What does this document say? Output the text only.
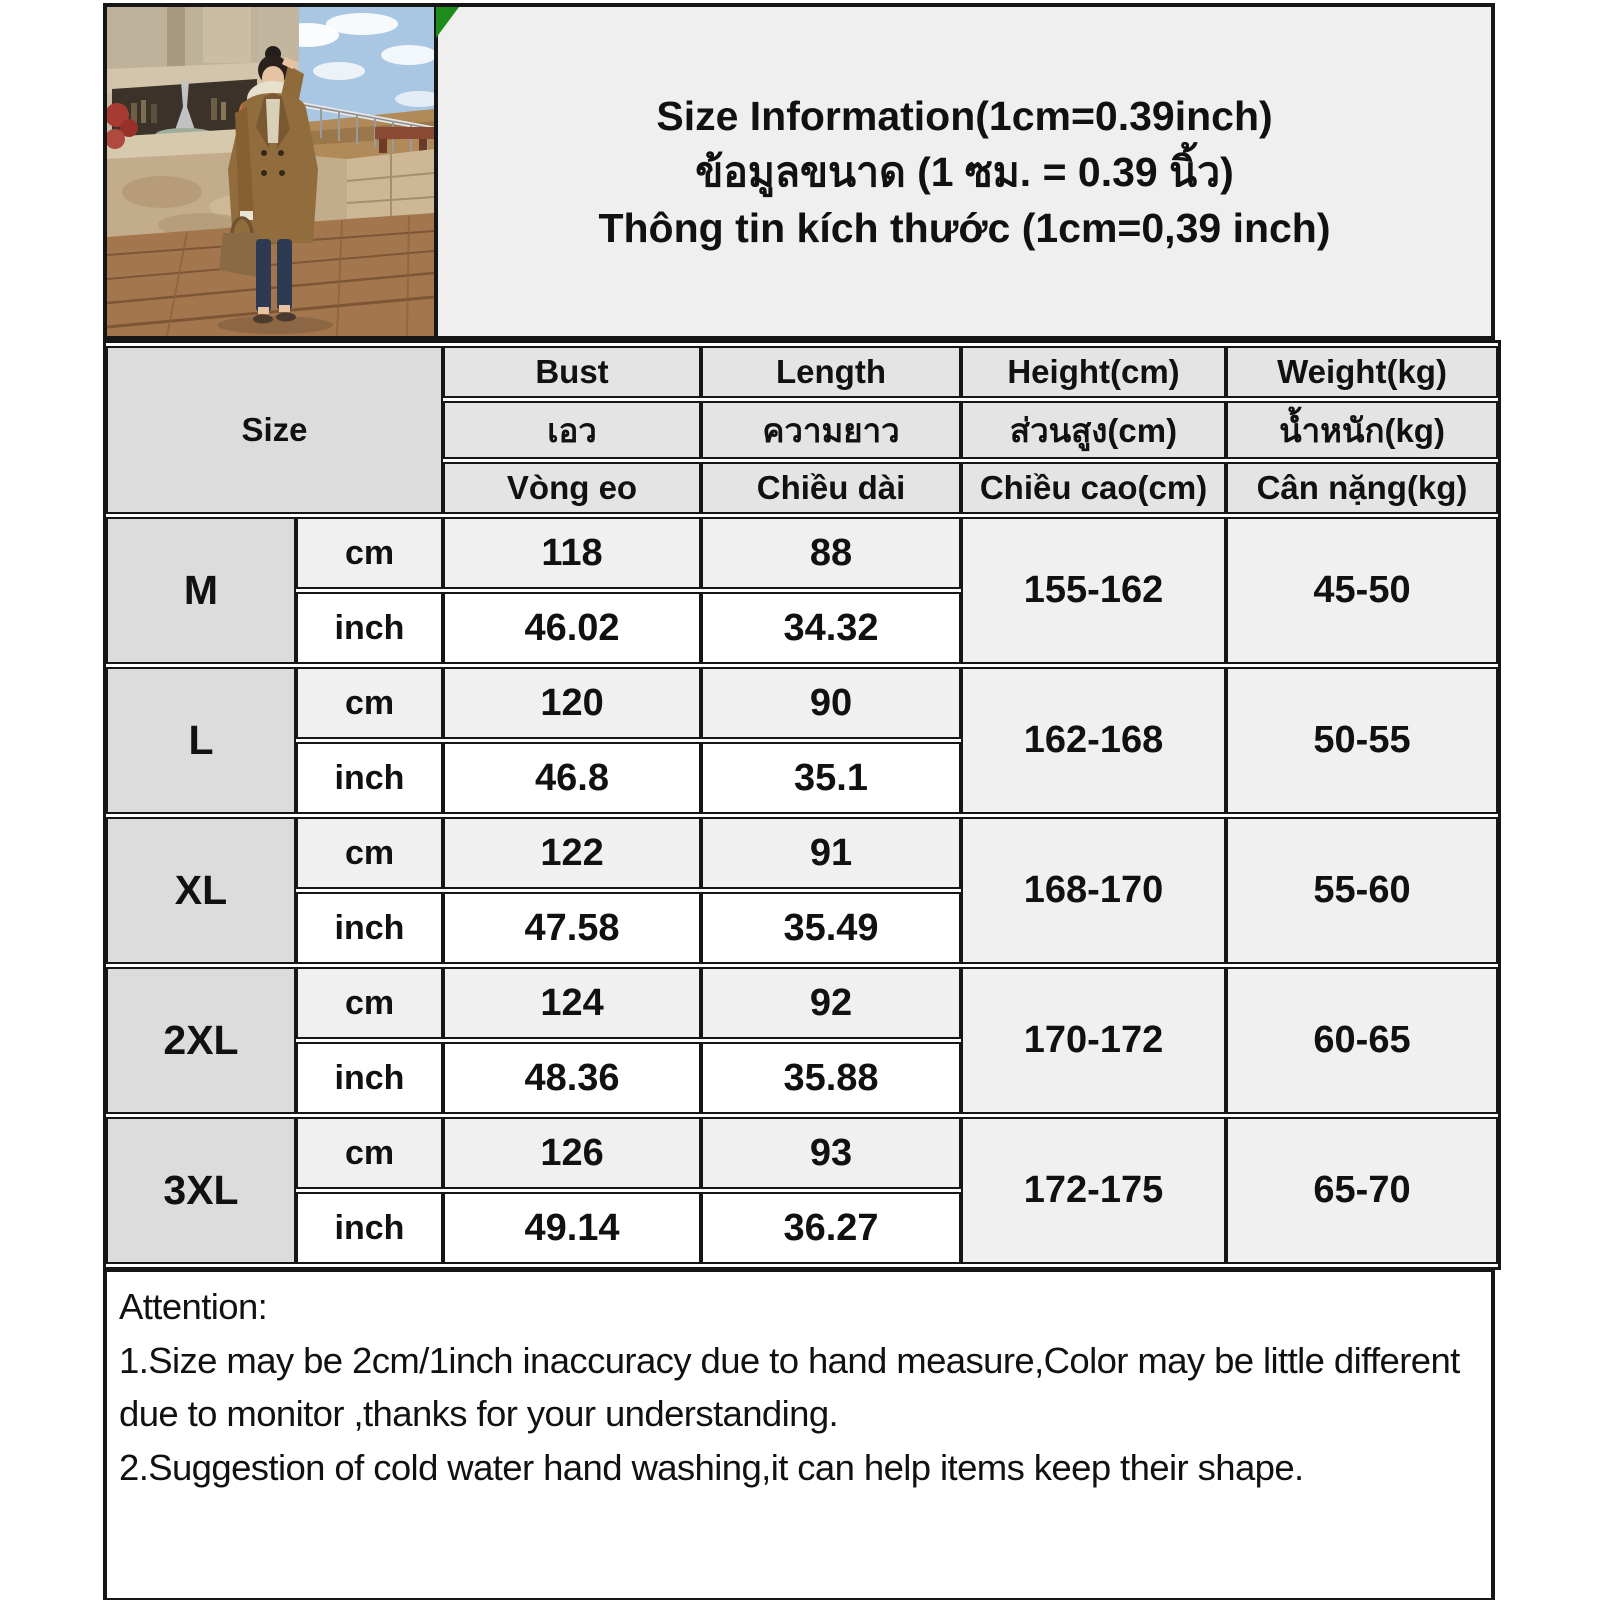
Size Information(1cm=0.39inch)
ข้อมูลขนาด (1 ซม. = 0.39 นิ้ว)
Thông tin kích thước (1cm=0,39 inch)
Size		Bust	Length	Height(cm)	Weight(kg)
		เอว	ความยาว	ส่วนสูง(cm)	น้ำหนัก(kg)
		Vòng eo	Chiều dài	Chiều cao(cm)	Cân nặng(kg)
M	cm	118	88	155-162	45-50
	inch	46.02	34.32		
L	cm	120	90	162-168	50-55
	inch	46.8	35.1		
XL	cm	122	91	168-170	55-60
	inch	47.58	35.49		
2XL	cm	124	92	170-172	60-65
	inch	48.36	35.88		
3XL	cm	126	93	172-175	65-70
	inch	49.14	36.27		

Attention:

1.Size may be 2cm/1inch inaccuracy due to hand measure,Color may be little different due to monitor ,thanks for your understanding.

2.Suggestion of cold water hand washing,it can help items keep their shape.
